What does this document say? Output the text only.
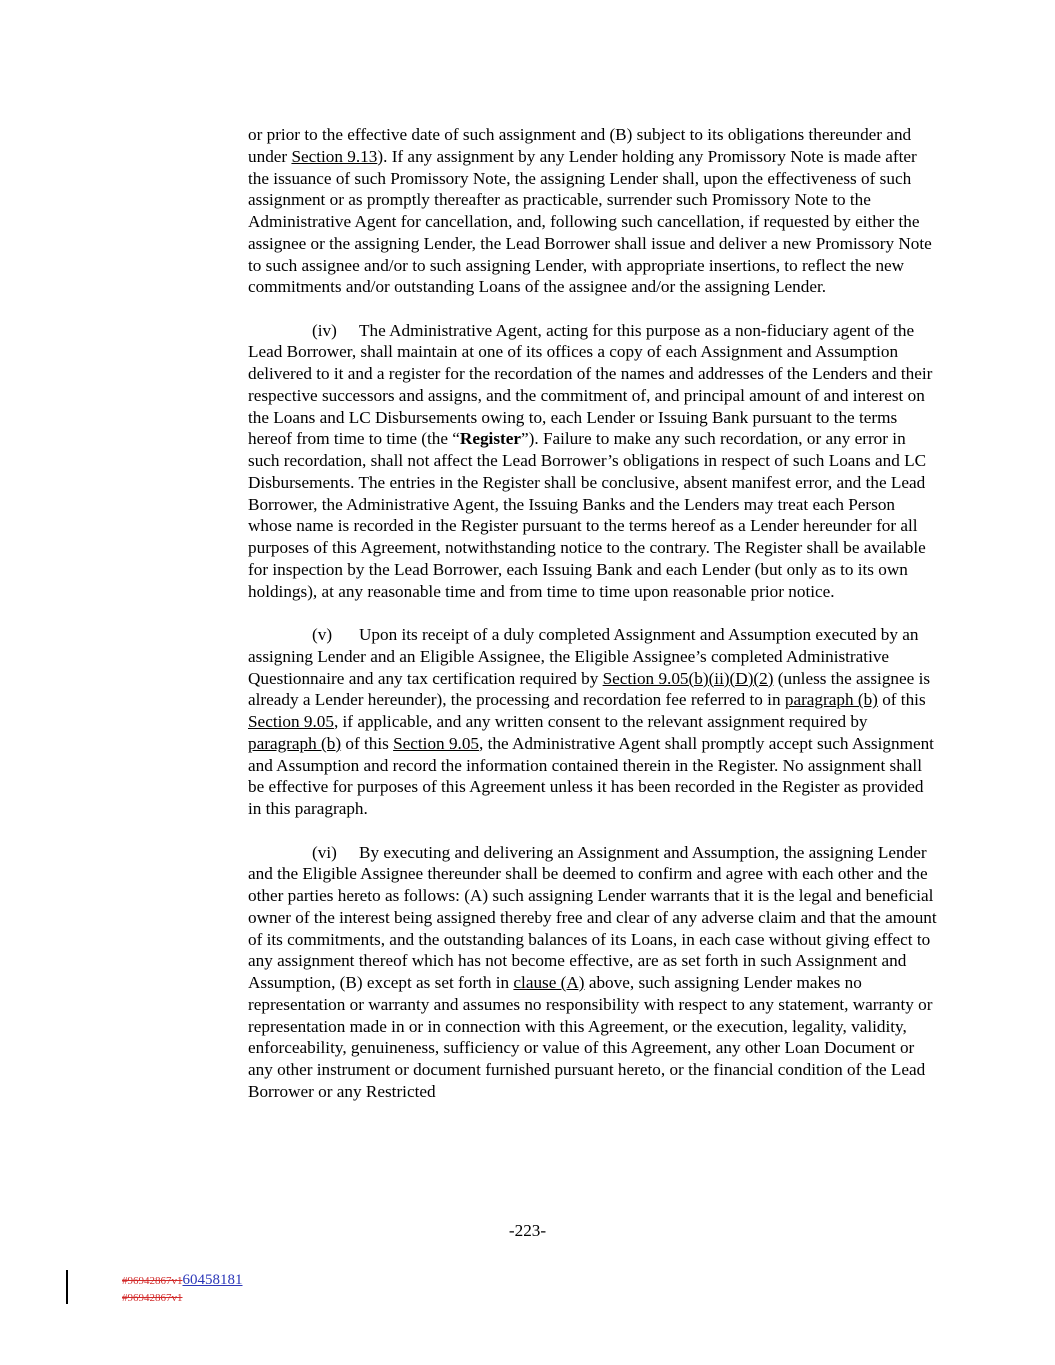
or prior to the effective date of such assignment and (B) subject to its obligations thereunder and under Section 9.13). If any assignment by any Lender holding any Promissory Note is made after the issuance of such Promissory Note, the assigning Lender shall, upon the effectiveness of such assignment or as promptly thereafter as practicable, surrender such Promissory Note to the Administrative Agent for cancellation, and, following such cancellation, if requested by either the assignee or the assigning Lender, the Lead Borrower shall issue and deliver a new Promissory Note to such assignee and/or to such assigning Lender, with appropriate insertions, to reflect the new commitments and/or outstanding Loans of the assignee and/or the assigning Lender.

(iv) The Administrative Agent, acting for this purpose as a non-fiduciary agent of the Lead Borrower, shall maintain at one of its offices a copy of each Assignment and Assumption delivered to it and a register for the recordation of the names and addresses of the Lenders and their respective successors and assigns, and the commitment of, and principal amount of and interest on the Loans and LC Disbursements owing to, each Lender or Issuing Bank pursuant to the terms hereof from time to time (the “Register”). Failure to make any such recordation, or any error in such recordation, shall not affect the Lead Borrower’s obligations in respect of such Loans and LC Disbursements. The entries in the Register shall be conclusive, absent manifest error, and the Lead Borrower, the Administrative Agent, the Issuing Banks and the Lenders may treat each Person whose name is recorded in the Register pursuant to the terms hereof as a Lender hereunder for all purposes of this Agreement, notwithstanding notice to the contrary. The Register shall be available for inspection by the Lead Borrower, each Issuing Bank and each Lender (but only as to its own holdings), at any reasonable time and from time to time upon reasonable prior notice.

(v) Upon its receipt of a duly completed Assignment and Assumption executed by an assigning Lender and an Eligible Assignee, the Eligible Assignee’s completed Administrative Questionnaire and any tax certification required by Section 9.05(b)(ii)(D)(2) (unless the assignee is already a Lender hereunder), the processing and recordation fee referred to in paragraph (b) of this Section 9.05, if applicable, and any written consent to the relevant assignment required by paragraph (b) of this Section 9.05, the Administrative Agent shall promptly accept such Assignment and Assumption and record the information contained therein in the Register. No assignment shall be effective for purposes of this Agreement unless it has been recorded in the Register as provided in this paragraph.

(vi) By executing and delivering an Assignment and Assumption, the assigning Lender and the Eligible Assignee thereunder shall be deemed to confirm and agree with each other and the other parties hereto as follows: (A) such assigning Lender warrants that it is the legal and beneficial owner of the interest being assigned thereby free and clear of any adverse claim and that the amount of its commitments, and the outstanding balances of its Loans, in each case without giving effect to any assignment thereof which has not become effective, are as set forth in such Assignment and Assumption, (B) except as set forth in clause (A) above, such assigning Lender makes no representation or warranty and assumes no responsibility with respect to any statement, warranty or representation made in or in connection with this Agreement, or the execution, legality, validity, enforceability, genuineness, sufficiency or value of this Agreement, any other Loan Document or any other instrument or document furnished pursuant hereto, or the financial condition of the Lead Borrower or any Restricted

-223-
#96942867v160458181
#96942867v1
